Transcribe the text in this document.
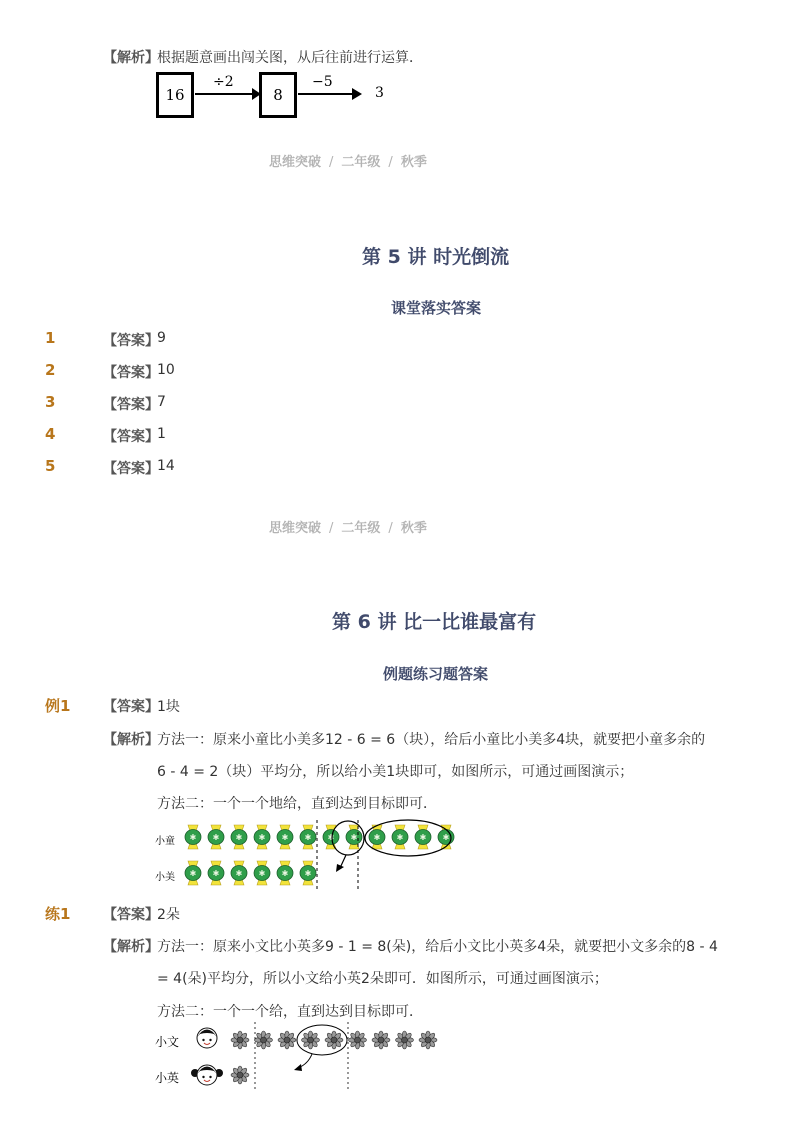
【解析】
根据题意画出闯关图，从后往前进行运算．
16
÷2
8
−5
3
思维突破 / 二年级 / 秋季
第 5 讲 时光倒流
课堂落实答案
1	【答案】
9
2	【答案】
10
3	【答案】
7
4	【答案】
1
5	【答案】
14
思维突破 / 二年级 / 秋季
第 6 讲 比一比谁最富有
例题练习题答案
例1 【答案】
1块
【解析】
方法一：原来小童比小美多12 - 6 = 6（块），给后小童比小美多4块，就要把小童多余的
6 - 4 = 2（块）平均分，所以给小美1块即可，如图所示，可通过画图演示；
方法二：一个一个地给，直到达到目标即可．
小童
小美
✱ ✱ ✱ ✱ ✱ ✱ ✱ ✱ ✱ ✱ ✱ ✱
✱ ✱ ✱ ✱ ✱ ✱
练1 【答案】
2朵
【解析】
方法一：原来小文比小英多9 - 1 = 8(朵)，给后小文比小英多4朵，就要把小文多余的8 - 4
= 4(朵)平均分，所以小文给小英2朵即可．如图所示，可通过画图演示；
方法二：一个一个给，直到达到目标即可．
小文
小英
